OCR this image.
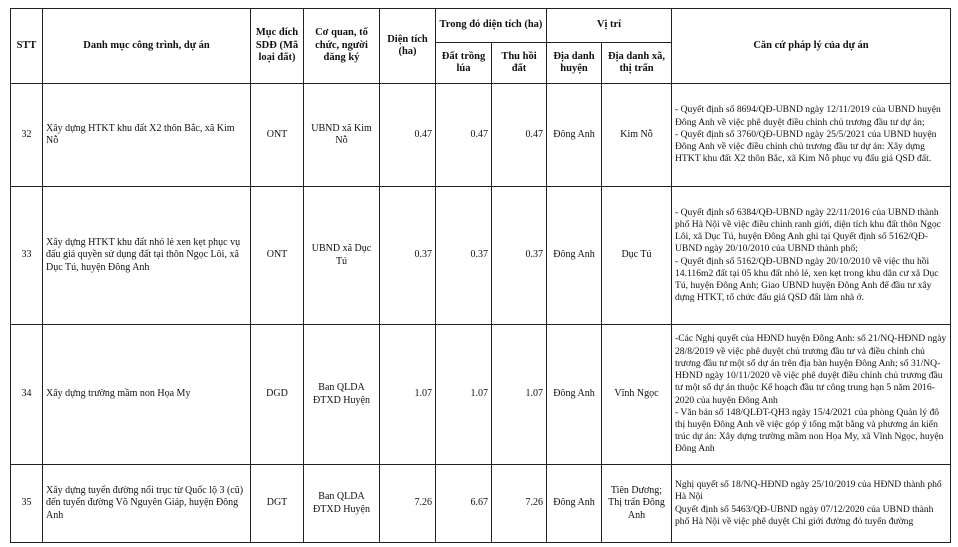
STT	Danh mục công trình, dự án	Mục đích SDĐ (Mã loại đất)	Cơ quan, tổ chức, người đăng ký	Diện tích (ha)	Trong đó diện tích (ha)		Vị trí		Căn cứ pháp lý của dự án
					Đất trồng lúa	Thu hồi đất	Địa danh huyện	Địa danh xã, thị trấn	
32	Xây dựng HTKT khu đất X2 thôn Bắc, xã Kim Nỗ	ONT	UBND xã Kim Nỗ	0.47	0.47	0.47	Đông Anh	Kim Nỗ	- Quyết định số 8694/QĐ-UBND ngày 12/11/2019 của UBND huyện Đông Anh về việc phê duyệt điều chỉnh chủ trương đầu tư dự án;
- Quyết định số 3760/QĐ-UBND ngày 25/5/2021 của UBND huyện Đông Anh về việc điều chỉnh chủ trương đầu tư dự án: Xây dựng HTKT khu đất X2 thôn Bắc, xã Kim Nỗ phục vụ đấu giá QSD đất.

33	Xây dựng HTKT khu đất nhỏ lẻ xen kẹt phục vụ đấu giá quyền sử dụng đất tại thôn Ngọc Lôi, xã Dục Tú, huyện Đông Anh	ONT	UBND xã Dục Tú	0.37	0.37	0.37	Đông Anh	Dục Tú	- Quyết định số 6384/QĐ-UBND ngày 22/11/2016 của UBND thành phố Hà Nội về việc điều chỉnh ranh giới, diện tích khu đất thôn Ngọc Lôi, xã Dục Tú, huyện Đông Anh ghi tại Quyết định số 5162/QĐ-UBND ngày 20/10/2010 của UBND thành phố;
- Quyết định số 5162/QĐ-UBND ngày 20/10/2010 về việc thu hồi 14.116m2 đất tại 05 khu đất nhỏ lẻ, xen kẹt trong khu dân cư xã Dục Tú, huyện Đông Anh; Giao UBND huyện Đông Anh để đầu tư xây dựng HTKT, tổ chức đấu giá QSD đất làm nhà ở.

34	Xây dựng trường mầm non Họa My	DGD	Ban QLDA ĐTXD Huyện	1.07	1.07	1.07	Đông Anh	Vĩnh Ngọc	-Các Nghị quyết của HĐND huyện Đông Anh: số 21/NQ-HĐND ngày 28/8/2019 về việc phê duyệt chủ trương đầu tư và điều chỉnh chủ trương đầu tư một số dự án trên địa bàn huyện Đông Anh; số 31/NQ-HĐND ngày 10/11/2020 về việc phê duyệt điều chỉnh chủ trương đầu tư một số dự án thuộc Kế hoạch đầu tư công trung hạn 5 năm 2016-2020 của huyện Đông Anh
- Văn bản số 148/QLĐT-QH3 ngày 15/4/2021 của phòng Quản lý đô thị huyện Đông Anh về việc góp ý tổng mặt bằng và phương án kiến trúc dự án: Xây dựng trường mầm non Họa My, xã Vĩnh Ngọc, huyện Đông Anh

35	Xây dựng tuyến đường nối trục từ Quốc lộ 3 (cũ) đến tuyến đường Võ Nguyên Giáp, huyện Đông Anh	DGT	Ban QLDA ĐTXD Huyện	7.26	6.67	7.26	Đông Anh	Tiên Dương; Thị trấn Đông Anh	Nghị quyết số 18/NQ-HĐND ngày 25/10/2019 của HĐND thành phố Hà Nội
Quyết định số 5463/QĐ-UBND ngày 07/12/2020 của UBND thành phố Hà Nội về việc phê duyệt Chỉ giới đường đỏ tuyến đường
